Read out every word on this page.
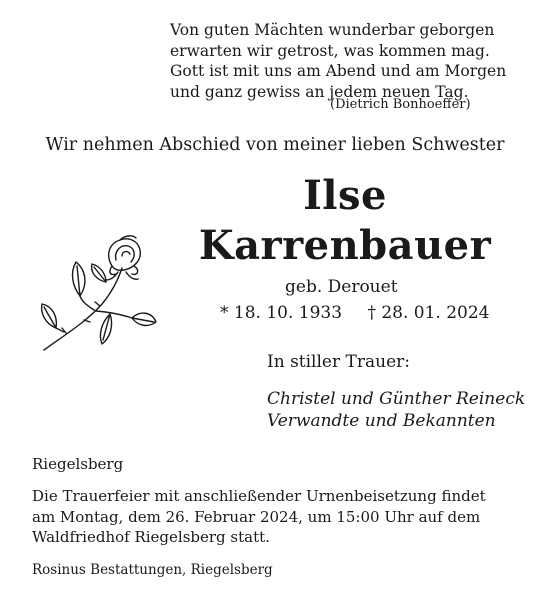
Von guten Mächten wunderbar geborgen
erwarten wir getrost, was kommen mag.
Gott ist mit uns am Abend und am Morgen
und ganz gewiss an jedem neuen Tag.
(Dietrich Bonhoeffer)
Wir nehmen Abschied von meiner lieben Schwester
Ilse
Karrenbauer
geb. Derouet
* 18. 10. 1933 † 28. 01. 2024
In stiller Trauer:
Christel und Günther Reineck
Verwandte und Bekannten
Riegelsberg
Die Trauerfeier mit anschließender Urnenbeisetzung findet
am Montag, dem 26. Februar 2024, um 15:00 Uhr auf dem
Waldfriedhof Riegelsberg statt.
Rosinus Bestattungen, Riegelsberg
